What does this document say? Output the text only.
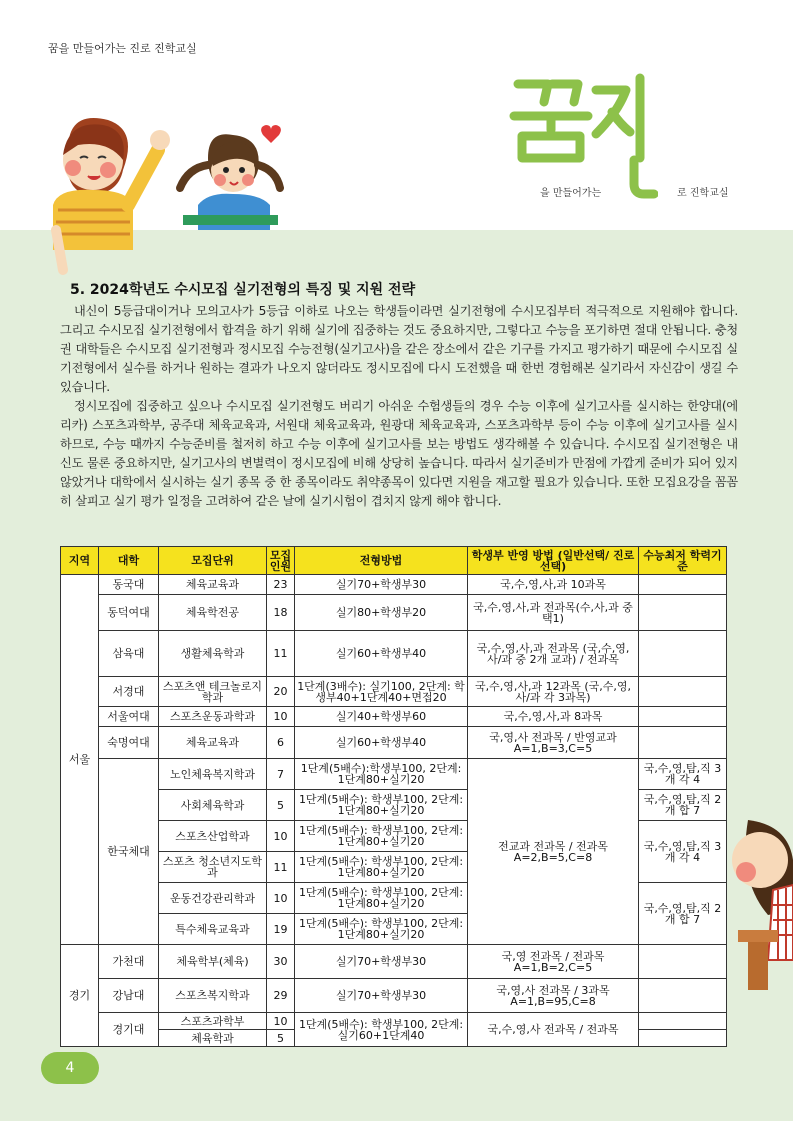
꿈을 만들어가는 진로 진학교실
을 만들어가는	로 진학교실
5. 2024학년도 수시모집 실기전형의 특징 및 지원 전략

내신이 5등급대이거나 모의고사가 5등급 이하로 나오는 학생들이라면 실기전형에 수시모집부터 적극적으로 지원해야 합니다. 그리고 수시모집 실기전형에서 합격을 하기 위해 실기에 집중하는 것도 중요하지만, 그렇다고 수능을 포기하면 절대 안됩니다. 충청권 대학들은 수시모집 실기전형과 정시모집 수능전형(실기고사)을 같은 장소에서 같은 기구를 가지고 평가하기 때문에 수시모집 실기전형에서 실수를 하거나 원하는 결과가 나오지 않더라도 정시모집에 다시 도전했을 때 한번 경험해본 실기라서 자신감이 생길 수 있습니다.

정시모집에 집중하고 싶으나 수시모집 실기전형도 버리기 아쉬운 수험생들의 경우 수능 이후에 실기고사를 실시하는 한양대(에리카) 스포츠과학부, 공주대 체육교육과, 서원대 체육교육과, 원광대 체육교육과, 스포츠과학부 등이 수능 이후에 실기고사를 실시하므로, 수능 때까지 수능준비를 철저히 하고 수능 이후에 실기고사를 보는 방법도 생각해볼 수 있습니다. 수시모집 실기전형은 내신도 물론 중요하지만, 실기고사의 변별력이 정시모집에 비해 상당히 높습니다. 따라서 실기준비가 만점에 가깝게 준비가 되어 있지 않았거나 대학에서 실시하는 실기 종목 중 한 종목이라도 취약종목이 있다면 지원을 재고할 필요가 있습니다. 또한 모집요강을 꼼꼼히 살피고 실기 평가 일정을 고려하여 같은 날에 실기시험이 겹치지 않게 해야 합니다.

지역	대학	모집단위	모집 인원	전형방법	학생부 반영 방법 (일반선택/ 진로선택)	수능최저 학력기준
서울	동국대	체육교육과	23	실기70+학생부30	국,수,영,사,과 10과목	
	동덕여대	체육학전공	18	실기80+학생부20	국,수,영,사,과 전과목(수,사,과 중 택1)	
	삼육대	생활체육학과	11	실기60+학생부40	국,수,영,사,과 전과목 (국,수,영,사/과 중 2개 교과) / 전과목	
	서경대	스포츠앤 테크놀로지학과	20	1단계(3배수): 실기100, 2단계: 학생부40+1단계40+면접20	국,수,영,사,과 12과목 (국,수,영,사/과 각 3과목)	
	서울여대	스포츠운동과학과	10	실기40+학생부60	국,수,영,사,과 8과목	
	숙명여대	체육교육과	6	실기60+학생부40	국,영,사 전과목 / 반영교과 A=1,B=3,C=5	
	한국체대	노인체육복지학과	7	1단계(5배수):학생부100, 2단계: 1단계80+실기20	전교과 전과목 / 전과목 A=2,B=5,C=8	국,수,영,탐,직 3개 각 4
		사회체육학과	5	1단계(5배수): 학생부100, 2단계: 1단계80+실기20		국,수,영,탐,직 2개 합 7
		스포츠산업학과	10	1단계(5배수): 학생부100, 2단계: 1단계80+실기20		국,수,영,탐,직 3개 각 4
		스포츠 청소년지도학과	11	1단계(5배수): 학생부100, 2단계: 1단계80+실기20		
		운동건강관리학과	10	1단계(5배수): 학생부100, 2단계: 1단계80+실기20		국,수,영,탐,직 2개 합 7
		특수체육교육과	19	1단계(5배수): 학생부100, 2단계: 1단계80+실기20		
경기	가천대	체육학부(체육)	30	실기70+학생부30	국,영 전과목 / 전과목 A=1,B=2,C=5	
	강남대	스포츠복지학과	29	실기70+학생부30	국,영,사 전과목 / 3과목 A=1,B=95,C=8	
	경기대	스포츠과학부	10	1단계(5배수): 학생부100, 2단계: 실기60+1단계40	국,수,영,사 전과목 / 전과목	
		체육학과	5			
4
